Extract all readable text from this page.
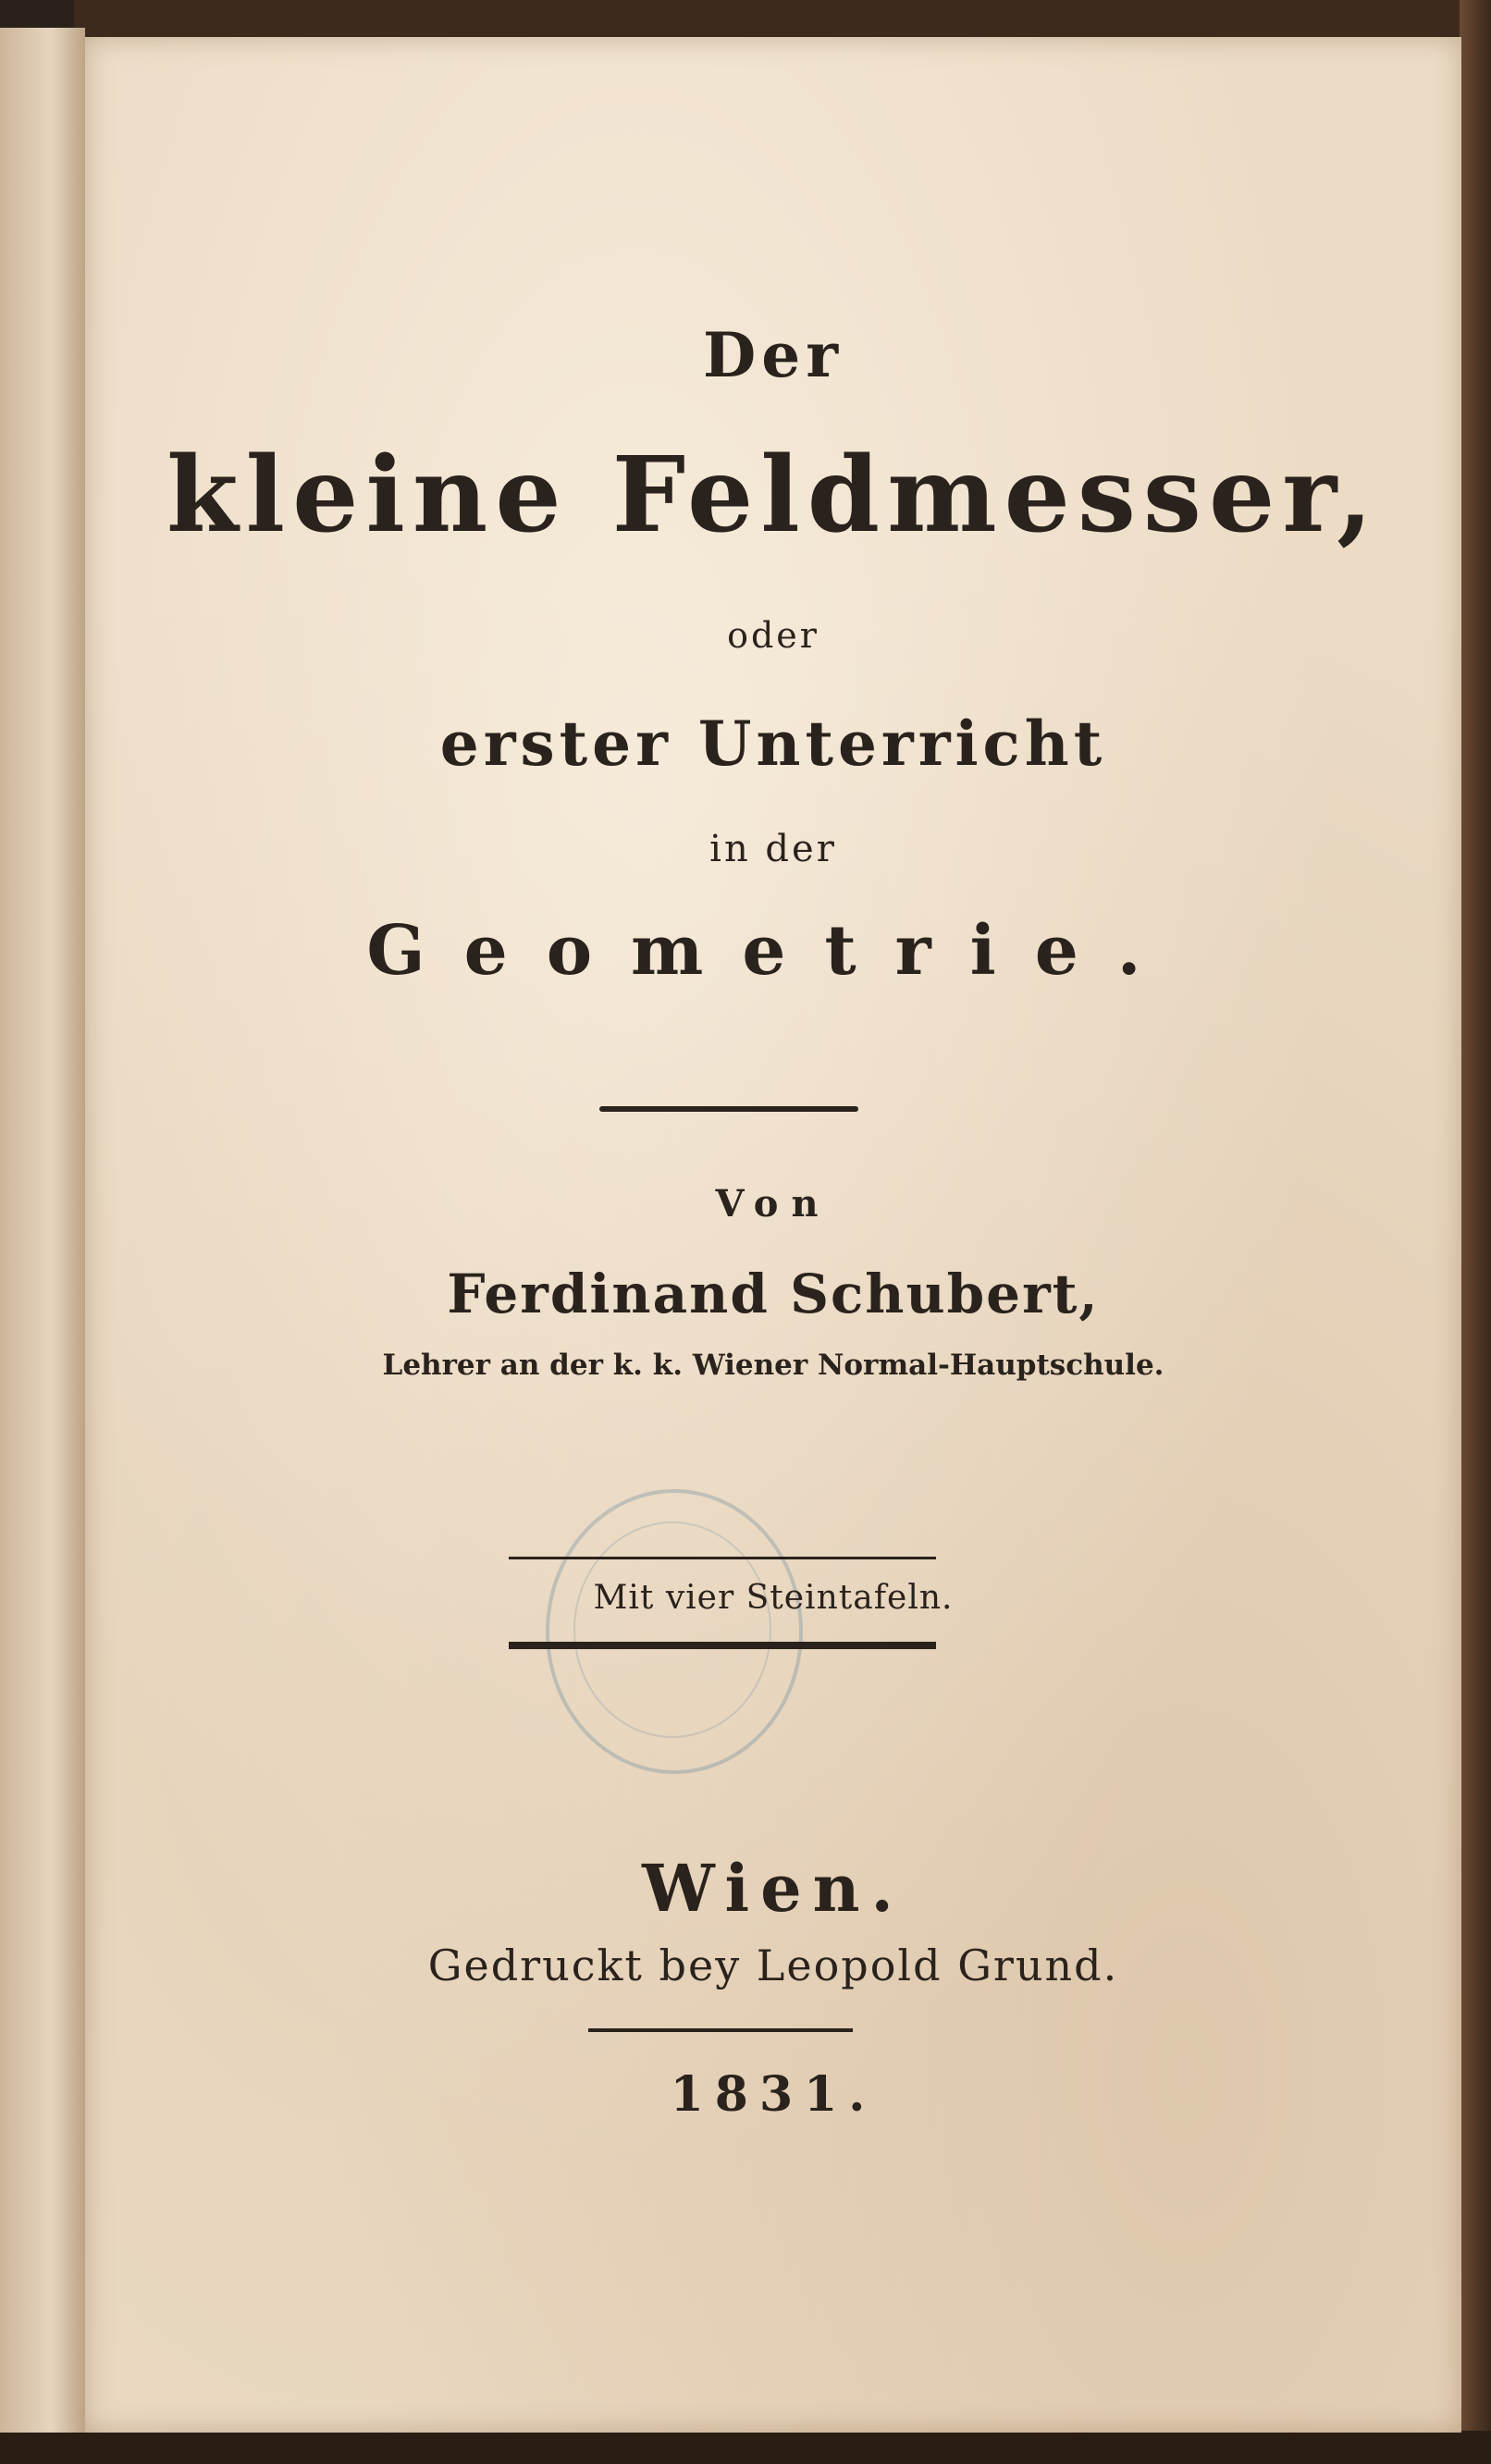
Der

kleine Feldmesser,

oder

erster Unterricht

in der

Geometrie.

Von

Ferdinand Schubert,

Lehrer an der k. k. Wiener Normal-Hauptschule.

Mit vier Steintafeln.

Wien.

Gedruckt bey Leopold Grund.

1831.
